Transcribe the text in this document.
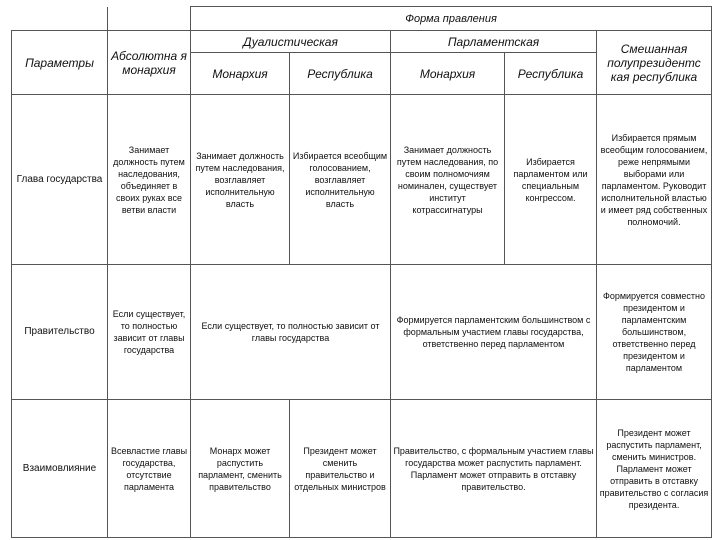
		Форма правления				
Параметры	Абсолютна я монархия	Дуалистическая		Парламентская		Смешанная полупрезидентс кая республика
		Монархия	Республика	Монархия	Республика	
Глава государства	Занимает должность путем наследования, объединяет в своих руках все ветви власти	Занимает должность путем наследования, возглавляет исполнительную власть	Избирается всеобщим голосованием, возглавляет исполнительную власть	Занимает должность путем наследования, по своим полномочиям номинален, существует институт котрассигнатуры	Избирается парламентом или специальным конгрессом.	Избирается прямым всеобщим голосованием, реже непрямыми выборами или парламентом. Руководит исполнительной властью и имеет ряд собственных полномочий.
Правительство	Если существует, то полностью зависит от главы государства	Если существует, то полностью зависит от главы государства		Формируется парламентским большинством с формальным участием главы государства, ответственно перед парламентом		Формируется совместно президентом и парламентским большинством, ответственно перед президентом и парламентом
Взаимовлияние	Всевластие главы государства, отсутствие парламента	Монарх может распустить парламент, сменить правительство	Президент может сменить правительство и отдельных министров	Правительство, с формальным участием главы государства может распустить парламент. Парламент может отправить в отставку правительство.		Президент может распустить парламент, сменить министров. Парламент может отправить в отставку правительство с согласия президента.
